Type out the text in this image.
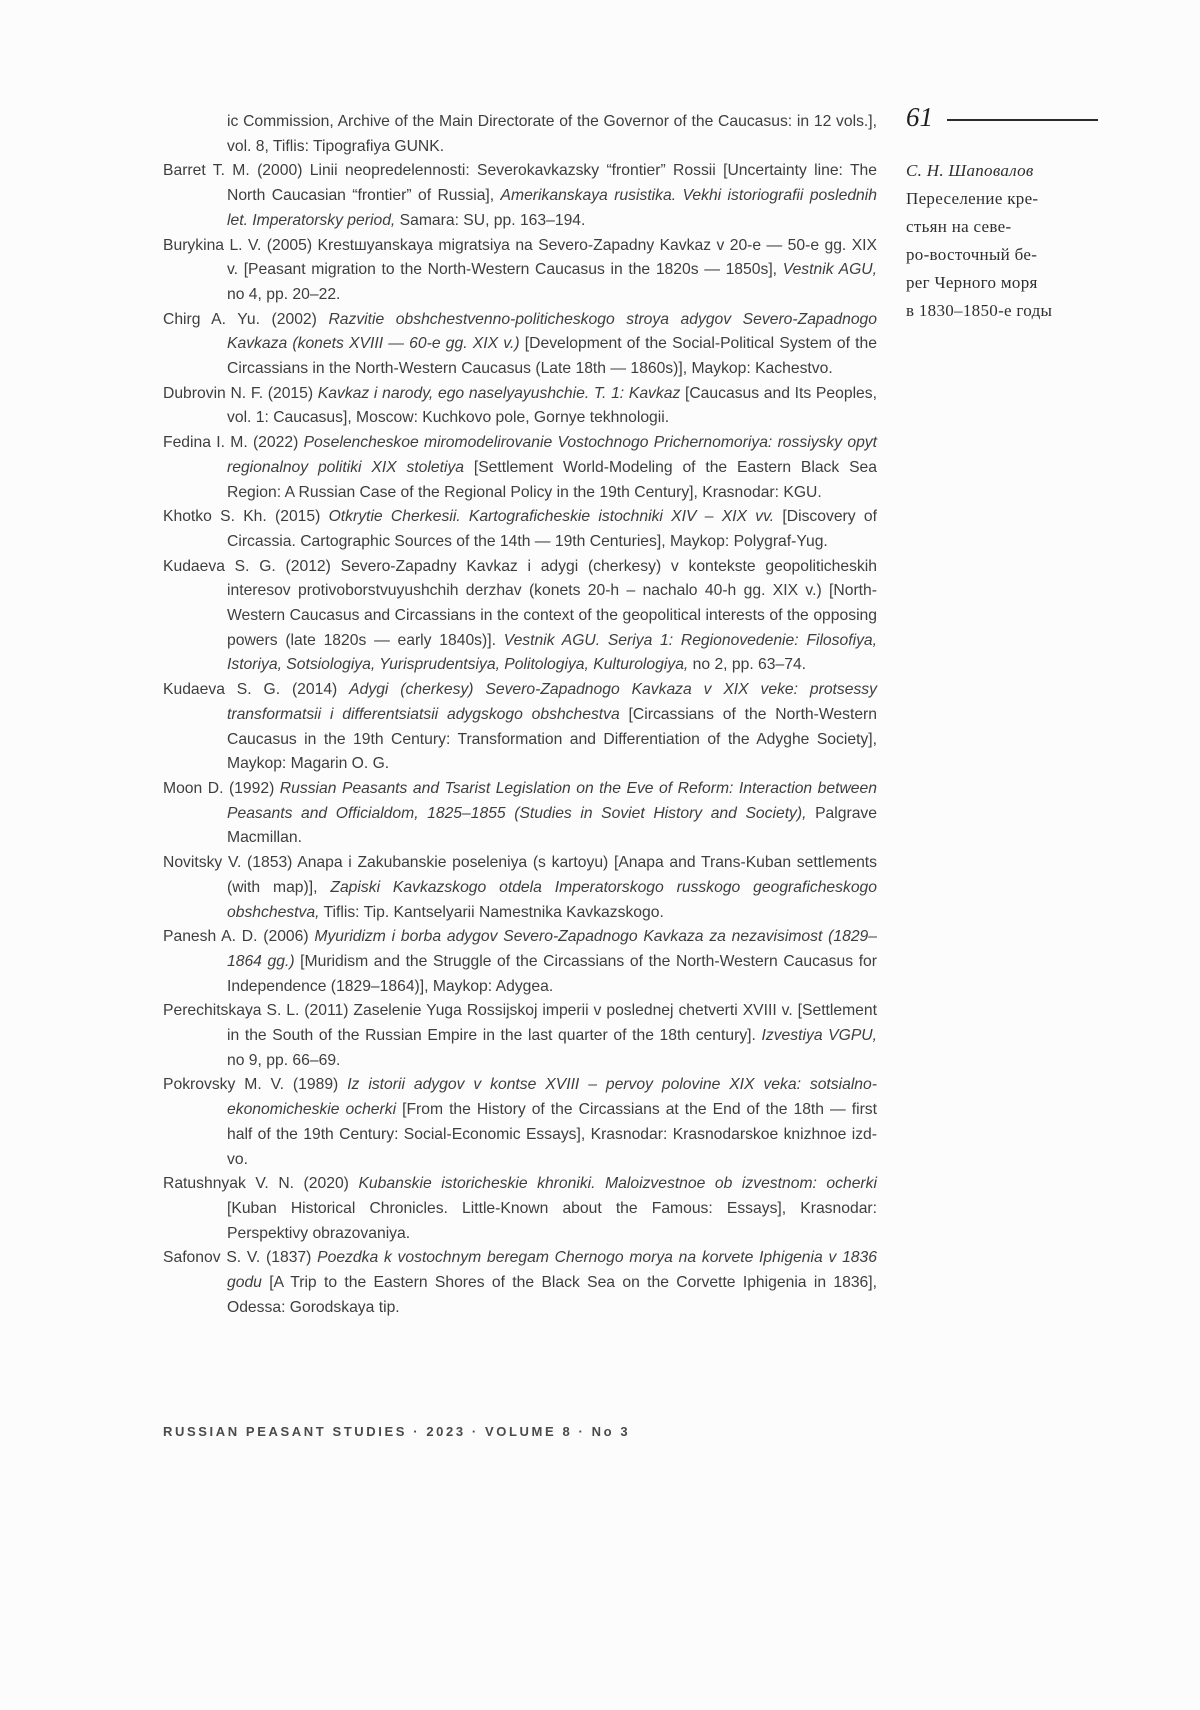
ic Commission, Archive of the Main Directorate of the Governor of the Caucasus: in 12 vols.], vol. 8, Tiflis: Tipografiya GUNK.

Barret T. M. (2000) Linii neopredelennosti: Severokavkazsky “frontier” Rossii [Uncertainty line: The North Caucasian “frontier” of Russia], Amerikanskaya rusistika. Vekhi istoriografii poslednih let. Imperatorsky period, Samara: SU, pp. 163–194.

Burykina L. V. (2005) Krestшyanskaya migratsiya na Severo-Zapadny Kavkaz v 20-e — 50-e gg. XIX v. [Peasant migration to the North-Western Caucasus in the 1820s — 1850s], Vestnik AGU, no 4, pp. 20–22.

Chirg A. Yu. (2002) Razvitie obshchestvenno-politicheskogo stroya adygov Severo-Zapadnogo Kavkaza (konets XVIII — 60-e gg. XIX v.) [Development of the Social-Political System of the Circassians in the North-Western Caucasus (Late 18th — 1860s)], Maykop: Kachestvo.

Dubrovin N. F. (2015) Kavkaz i narody, ego naselyayushchie. T. 1: Kavkaz [Caucasus and Its Peoples, vol. 1: Caucasus], Moscow: Kuchkovo pole, Gornye tekhnologii.

Fedina I. M. (2022) Poselencheskoe miromodelirovanie Vostochnogo Prichernomoriya: rossiysky opyt regionalnoy politiki XIX stoletiya [Settlement World-Modeling of the Eastern Black Sea Region: A Russian Case of the Regional Policy in the 19th Century], Krasnodar: KGU.

Khotko S. Kh. (2015) Otkrytie Cherkesii. Kartograficheskie istochniki XIV – XIX vv. [Discovery of Circassia. Cartographic Sources of the 14th — 19th Centuries], Maykop: Polygraf-Yug.

Kudaeva S. G. (2012) Severo-Zapadny Kavkaz i adygi (cherkesy) v kontekste geopoliticheskih interesov protivoborstvuyushchih derzhav (konets 20-h – nachalo 40-h gg. XIX v.) [North-Western Caucasus and Circassians in the context of the geopolitical interests of the opposing powers (late 1820s — early 1840s)]. Vestnik AGU. Seriya 1: Regionovedenie: Filosofiya, Istoriya, Sotsiologiya, Yurisprudentsiya, Politologiya, Kulturologiya, no 2, pp. 63–74.

Kudaeva S. G. (2014) Adygi (cherkesy) Severo-Zapadnogo Kavkaza v XIX veke: protsessy transformatsii i differentsiatsii adygskogo obshchestva [Circassians of the North-Western Caucasus in the 19th Century: Transformation and Differentiation of the Adyghe Society], Maykop: Magarin O. G.

Moon D. (1992) Russian Peasants and Tsarist Legislation on the Eve of Reform: Interaction between Peasants and Officialdom, 1825–1855 (Studies in Soviet History and Society), Palgrave Macmillan.

Novitsky V. (1853) Anapa i Zakubanskie poseleniya (s kartoyu) [Anapa and Trans-Kuban settlements (with map)], Zapiski Kavkazskogo otdela Imperatorskogo russkogo geograficheskogo obshchestva, Tiflis: Tip. Kantselyarii Namestnika Kavkazskogo.

Panesh A. D. (2006) Myuridizm i borba adygov Severo-Zapadnogo Kavkaza za nezavisimost (1829–1864 gg.) [Muridism and the Struggle of the Circassians of the North-Western Caucasus for Independence (1829–1864)], Maykop: Adygea.

Perechitskaya S. L. (2011) Zaselenie Yuga Rossijskoj imperii v poslednej chetverti XVIII v. [Settlement in the South of the Russian Empire in the last quarter of the 18th century]. Izvestiya VGPU, no 9, pp. 66–69.

Pokrovsky M. V. (1989) Iz istorii adygov v kontse XVIII – pervoy polovine XIX veka: sotsialno-ekonomicheskie ocherki [From the History of the Circassians at the End of the 18th — first half of the 19th Century: Social-Economic Essays], Krasnodar: Krasnodarskoe knizhnoe izd-vo.

Ratushnyak V. N. (2020) Kubanskie istoricheskie khroniki. Maloizvestnoe ob izvestnom: ocherki [Kuban Historical Chronicles. Little-Known about the Famous: Essays], Krasnodar: Perspektivy obrazovaniya.

Safonov S. V. (1837) Poezdka k vostochnym beregam Chernogo morya na korvete Iphigenia v 1836 godu [A Trip to the Eastern Shores of the Black Sea on the Corvette Iphigenia in 1836], Odessa: Gorodskaya tip.

61
С. Н. Шаповалов
Переселение кре-
стьян на севе-
ро-восточный бе-
рег Черного моря
в 1830–1850-е годы
RUSSIAN PEASANT STUDIES · 2023 · VOLUME 8 · No 3
